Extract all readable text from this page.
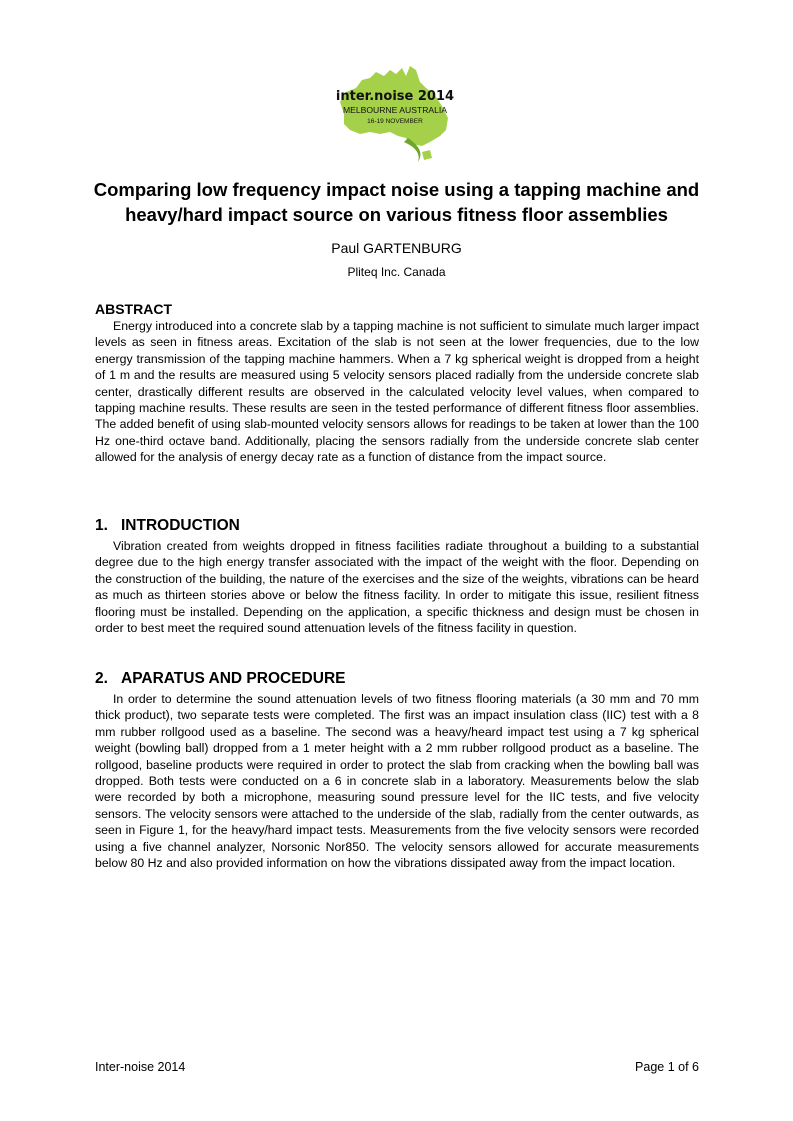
inter.noise 2014
MELBOURNE AUSTRALIA
16-19 NOVEMBER
Comparing low frequency impact noise using a tapping machine and heavy/hard impact source on various fitness floor assemblies

Paul GARTENBURG

Pliteq Inc. Canada

ABSTRACT

Energy introduced into a concrete slab by a tapping machine is not sufficient to simulate much larger impact levels as seen in fitness areas. Excitation of the slab is not seen at the lower frequencies, due to the low energy transmission of the tapping machine hammers. When a 7 kg spherical weight is dropped from a height of 1 m and the results are measured using 5 velocity sensors placed radially from the underside concrete slab center, drastically different results are observed in the calculated velocity level values, when compared to tapping machine results. These results are seen in the tested performance of different fitness floor assemblies. The added benefit of using slab-mounted velocity sensors allows for readings to be taken at lower than the 100 Hz one-third octave band. Additionally, placing the sensors radially from the underside concrete slab center allowed for the analysis of energy decay rate as a function of distance from the impact source.

1. INTRODUCTION

Vibration created from weights dropped in fitness facilities radiate throughout a building to a substantial degree due to the high energy transfer associated with the impact of the weight with the floor. Depending on the construction of the building, the nature of the exercises and the size of the weights, vibrations can be heard as much as thirteen stories above or below the fitness facility. In order to mitigate this issue, resilient fitness flooring must be installed. Depending on the application, a specific thickness and design must be chosen in order to best meet the required sound attenuation levels of the fitness facility in question.

2. APARATUS AND PROCEDURE

In order to determine the sound attenuation levels of two fitness flooring materials (a 30 mm and 70 mm thick product), two separate tests were completed. The first was an impact insulation class (IIC) test with a 8 mm rubber rollgood used as a baseline. The second was a heavy/heard impact test using a 7 kg spherical weight (bowling ball) dropped from a 1 meter height with a 2 mm rubber rollgood product as a baseline. The rollgood, baseline products were required in order to protect the slab from cracking when the bowling ball was dropped. Both tests were conducted on a 6 in concrete slab in a laboratory. Measurements below the slab were recorded by both a microphone, measuring sound pressure level for the IIC tests, and five velocity sensors. The velocity sensors were attached to the underside of the slab, radially from the center outwards, as seen in Figure 1, for the heavy/hard impact tests. Measurements from the five velocity sensors were recorded using a five channel analyzer, Norsonic Nor850. The velocity sensors allowed for accurate measurements below 80 Hz and also provided information on how the vibrations dissipated away from the impact location.

Inter-noise 2014	Page 1 of 6
